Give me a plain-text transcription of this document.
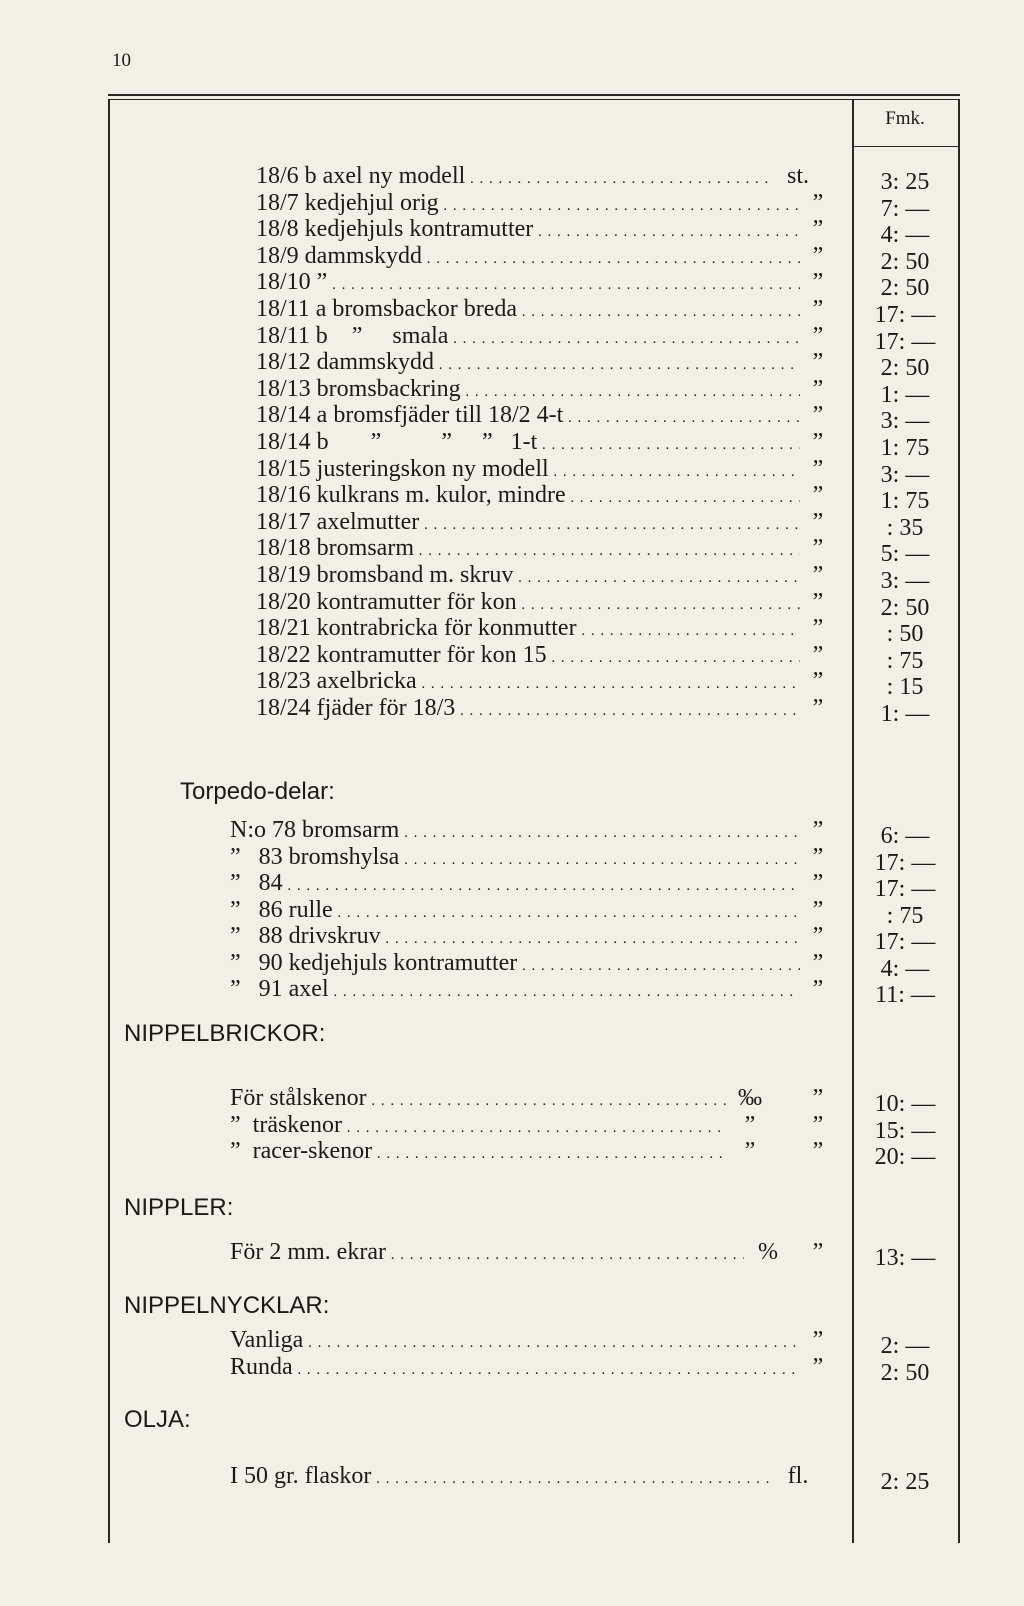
10
Fmk.
18/6 b axel ny modell . . .	st.	3: 25
18/7 kedjehjul orig . . .	”	7: —
18/8 kedjehjuls kontramutter . . .	”	4: —
18/9 dammskydd . . .	”	2: 50
18/10 ” . . .	”	2: 50
18/11 a bromsbackor breda . . .	”	17: —
18/11 b    ”     smala . . .	”	17: —
18/12 dammskydd . . .	”	2: 50
18/13 bromsbackring . . .	”	1: —
18/14 a bromsfjäder till 18/2 4-t . . .	”	3: —
18/14 b       ”          ”     ”   1-t . . .	”	1: 75
18/15 justeringskon ny modell . . .	”	3: —
18/16 kulkrans m. kulor, mindre . . .	”	1: 75
18/17 axelmutter . . .	”	: 35
18/18 bromsarm . . .	”	5: —
18/19 bromsband m. skruv . . .	”	3: —
18/20 kontramutter för kon . . .	”	2: 50
18/21 kontrabricka för konmutter . . .	”	: 50
18/22 kontramutter för kon 15 . . .	”	: 75
18/23 axelbricka . . .	”	: 15
18/24 fjäder för 18/3 . . .	”	1: —
Torpedo-delar:
N:o 78 bromsarm . . .	”	6: —
”   83 bromshylsa . . .	”	17: —
”   84 . . .	”	17: —
”   86 rulle . . .	”	: 75
”   88 drivskruv . . .	”	17: —
”   90 kedjehjuls kontramutter . . .	”	4: —
”   91 axel . . .	”	11: —
NIPPELBRICKOR:
För stålskenor . . .	‰	”	10: —
”  träskenor . . .	”	”	15: —
”  racer-skenor . . .	”	”	20: —
NIPPLER:
För 2 mm. ekrar . . .	%	”	13: —
NIPPELNYCKLAR:
Vanliga . . .	”	2: —
Runda . . .	”	2: 50
OLJA:
I 50 gr. flaskor . . .	fl.	2: 25
